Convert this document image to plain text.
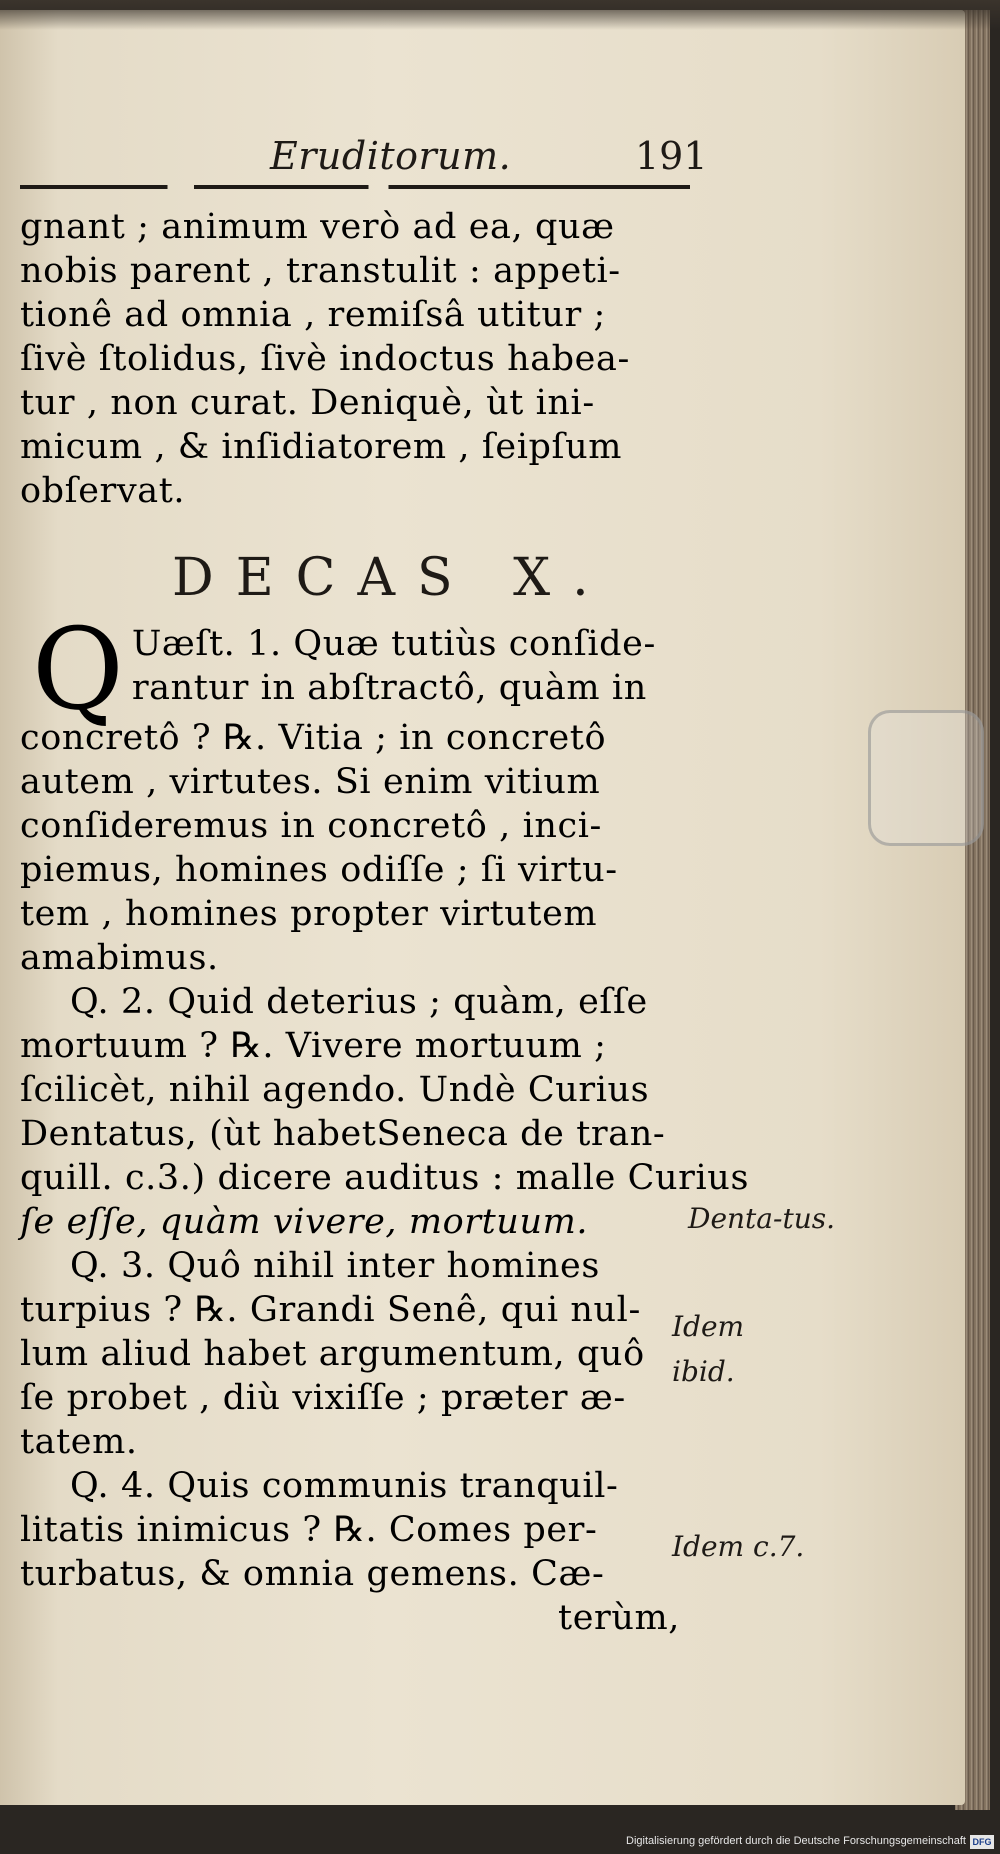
Eruditorum.	191
gnant ; animum verò ad ea, quæ
nobis parent , transtulit : appeti-
tionê ad omnia , remiſsâ utitur ;
ſivè ſtolidus, ſivè indoctus habea-
tur , non curat. Deniquè, ùt ini-
micum , & inſidiatorem , ſeipſum
obſervat.
DECAS X.
Q Uæſt. 1. Quæ tutiùs conſide-
rantur in abſtractô, quàm in
concretô ? ℞. Vitia ; in concretô
autem , virtutes. Si enim vitium
conſideremus in concretô , inci-
piemus, homines odiſſe ; ſi virtu-
tem , homines propter virtutem
amabimus.
Q. 2. Quid deterius ; quàm, eſſe
mortuum ? ℞. Vivere mortuum ;
ſcilicèt, nihil agendo. Undè Curius
Dentatus, (ùt habetSeneca de tran-
quill. c.3.) dicere auditus : malle Curius
ſe eſſe, quàm vivere, mortuum.
Q. 3. Quô nihil inter homines
turpius ? ℞. Grandi Senê, qui nul-
lum aliud habet argumentum, quô
ſe probet , diù vixiſſe ; præter æ-
tatem.
Q. 4. Quis communis tranquil-
litatis inimicus ? ℞. Comes per-
turbatus, & omnia gemens. Cæ-
terùm,
Denta-tus.
Idem
ibid.
Idem c.7.
Digitalisierung gefördert durch die Deutsche Forschungsgemeinschaft DFG
